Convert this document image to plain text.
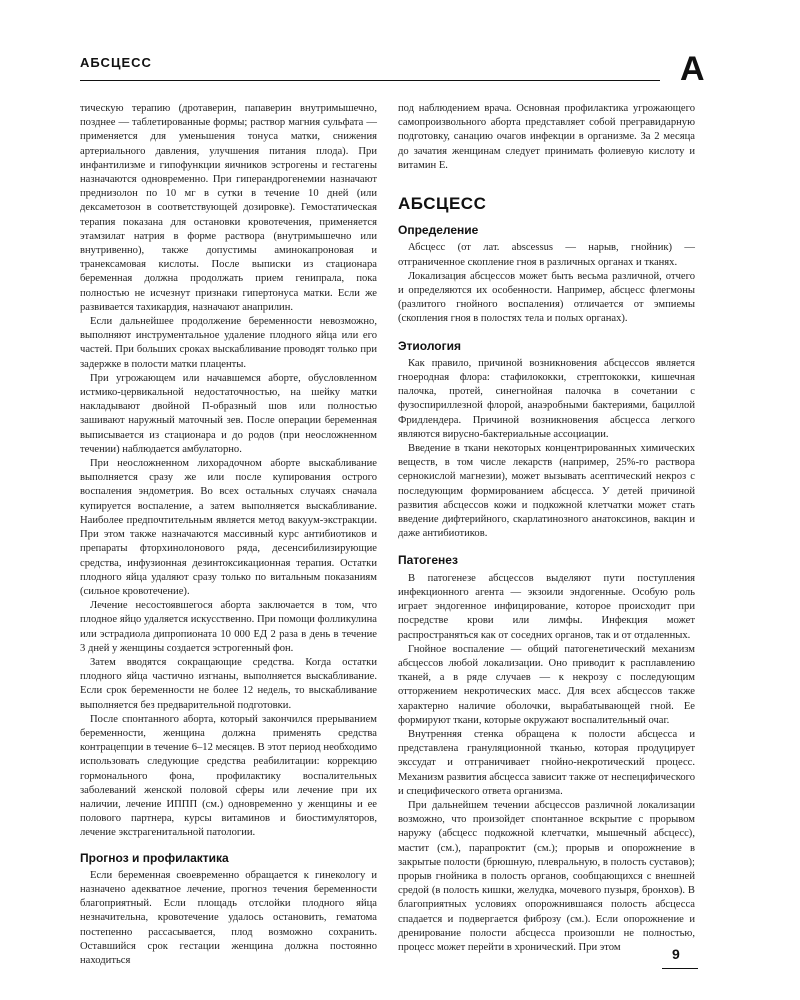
АБСЦЕСС	А

тическую терапию (дротаверин, папаверин внутримышечно, позднее — таблетированные формы; раствор магния сульфата — применяется для уменьшения тонуса матки, снижения артериального давления, улучшения питания плода). При инфантилизме и гипофункции яичников эстрогены и гестагены назначаются одновременно. При гиперандрогенемии назначают преднизолон по 10 мг в сутки в течение 10 дней (или дексаметозон в соответствующей дозировке). Гемостатическая терапия показана для остановки кровотечения, применяется этамзилат натрия в форме раствора (внутримышечно или внутривенно), также допустимы аминокапроновая и транексамовая кислоты. После выписки из стационара беременная должна продолжать прием генипрала, пока полностью не исчезнут признаки гипертонуса матки. Если же развивается тахикардия, назначают анаприлин.

Если дальнейшее продолжение беременности невозможно, выполняют инструментальное удаление плодного яйца или его частей. При больших сроках выскабливание проводят только при задержке в полости матки плаценты.

При угрожающем или начавшемся аборте, обусловленном истмико-цервикальной недостаточностью, на шейку матки накладывают двойной П-образный шов или полностью зашивают наружный маточный зев. После операции беременная выписывается из стационара и до родов (при неосложненном течении) наблюдается амбулаторно.

При неосложненном лихорадочном аборте выскабливание выполняется сразу же или после купирования острого воспаления эндометрия. Во всех остальных случаях сначала купируется воспаление, а затем выполняется выскабливание. Наиболее предпочтительным является метод вакуум-экстракции. При этом также назначаются массивный курс антибиотиков и препараты фторхинолонового ряда, десенсибилизирующие средства, инфузионная дезинтоксикационная терапия. Остатки плодного яйца удаляют сразу только по витальным показаниям (сильное кровотечение).

Лечение несостоявшегося аборта заключается в том, что плодное яйцо удаляется искусственно. При помощи фолликулина или эстрадиола дипропионата 10 000 ЕД 2 раза в день в течение 3 дней у женщины создается эстрогенный фон.

Затем вводятся сокращающие средства. Когда остатки плодного яйца частично изгнаны, выполняется выскабливание. Если срок беременности не более 12 недель, то выскабливание выполняется без предварительной подготовки.

После спонтанного аборта, который закончился прерыванием беременности, женщина должна применять средства контрацепции в течение 6–12 месяцев. В этот период необходимо использовать следующие средства реабилитации: коррекцию гормонального фона, профилактику воспалительных заболеваний женской половой сферы или лечение при их наличии, лечение ИППП (см.) одновременно у женщины и ее полового партнера, курсы витаминов и биостимуляторов, лечение экстрагенитальной патологии.

Прогноз и профилактика

Если беременная своевременно обращается к гинекологу и назначено адекватное лечение, прогноз течения беременности благоприятный. Если площадь отслойки плодного яйца незначительна, кровотечение удалось остановить, гематома постепенно рассасывается, плод возможно сохранить. Оставшийся срок гестации женщина должна постоянно находиться

под наблюдением врача. Основная профилактика угрожающего самопроизвольного аборта представляет собой прегравидарную подготовку, санацию очагов инфекции в организме. За 2 месяца до зачатия женщинам следует принимать фолиевую кислоту и витамин Е.

АБСЦЕСС
Определение

Абсцесс (от лат. abscessus — нарыв, гнойник) — отграниченное скопление гноя в различных органах и тканях.

Локализация абсцессов может быть весьма различной, отчего и определяются их особенности. Например, абсцесс флегмоны (разлитого гнойного воспаления) отличается от эмпиемы (скопления гноя в полостях тела и полых органах).

Этиология

Как правило, причиной возникновения абсцессов является гноеродная флора: стафилококки, стрептококки, кишечная палочка, протей, синегнойная палочка в сочетании с фузоспириллезной флорой, анаэробными бактериями, бациллой Фридлендера. Причиной возникновения абсцесса легкого являются вирусно-бактериальные ассоциации.

Введение в ткани некоторых концентрированных химических веществ, в том числе лекарств (например, 25%-го раствора сернокислой магнезии), может вызывать асептический некроз с последующим формированием абсцесса. У детей причиной развития абсцессов кожи и подкожной клетчатки может стать введение дифтерийного, скарлатинозного анатоксинов, вакцин и даже антибиотиков.

Патогенез

В патогенезе абсцессов выделяют пути поступления инфекционного агента — экзоили эндогенные. Особую роль играет эндогенное инфицирование, которое происходит при посредстве крови или лимфы. Инфекция может распространяться как от соседних органов, так и от отдаленных.

Гнойное воспаление — общий патогенетический механизм абсцессов любой локализации. Оно приводит к расплавлению тканей, а в ряде случаев — к некрозу с последующим отторжением некротических масс. Для всех абсцессов также характерно наличие оболочки, вырабатывающей гной. Ее формируют ткани, которые окружают воспалительный очаг.

Внутренняя стенка обращена к полости абсцесса и представлена грануляционной тканью, которая продуцирует экссудат и отграничивает гнойно-некротический процесс. Механизм развития абсцесса зависит также от неспецифического и специфического ответа организма.

При дальнейшем течении абсцессов различной локализации возможно, что произойдет спонтанное вскрытие с прорывом наружу (абсцесс подкожной клетчатки, мышечный абсцесс), мастит (см.), парапроктит (см.); прорыв и опорожнение в закрытые полости (брюшную, плевральную, в полость суставов); прорыв гнойника в полость органов, сообщающихся с внешней средой (в полость кишки, желудка, мочевого пузыря, бронхов). В благоприятных условиях опорожнившаяся полость абсцесса спадается и подвергается фиброзу (см.). Если опорожнение и дренирование полости абсцесса произошли не полностью, процесс может перейти в хронический. При этом	9
